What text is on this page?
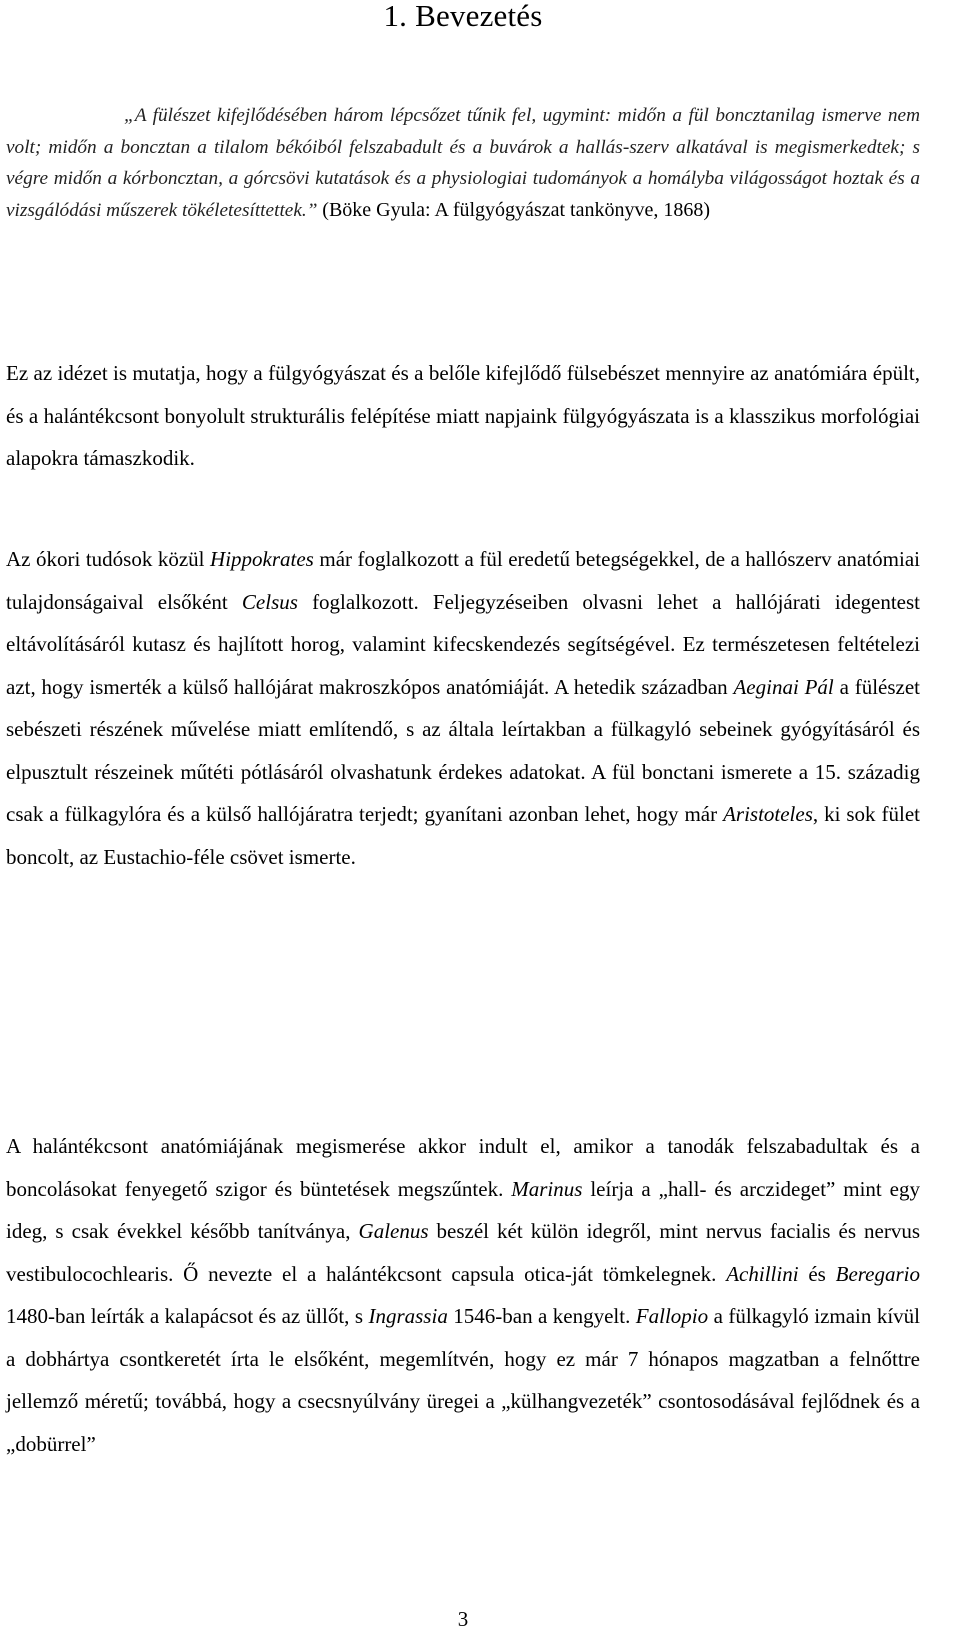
1. Bevezetés

„A fülészet kifejlődésében három lépcsőzet tűnik fel, ugymint: midőn a fül boncztanilag ismerve nem volt; midőn a boncztan a tilalom békóiból felszabadult és a buvárok a hallás-szerv alkatával is megismerkedtek; s végre midőn a kórboncztan, a górcsövi kutatások és a physiologiai tudományok a homályba világosságot hoztak és a vizsgálódási műszerek tökéletesíttettek.” (Böke Gyula: A fülgyógyászat tankönyve, 1868)

Ez az idézet is mutatja, hogy a fülgyógyászat és a belőle kifejlődő fülsebészet mennyire az anatómiára épült, és a halántékcsont bonyolult strukturális felépítése miatt napjaink fülgyógyászata is a klasszikus morfológiai alapokra támaszkodik.

Az ókori tudósok közül Hippokrates már foglalkozott a fül eredetű betegségekkel, de a hallószerv anatómiai tulajdonságaival elsőként Celsus foglalkozott. Feljegyzéseiben olvasni lehet a hallójárati idegentest eltávolításáról kutasz és hajlított horog, valamint kifecskendezés segítségével. Ez természetesen feltételezi azt, hogy ismerték a külső hallójárat makroszkópos anatómiáját. A hetedik században Aeginai Pál a fülészet sebészeti részének művelése miatt említendő, s az általa leírtakban a fülkagyló sebeinek gyógyításáról és elpusztult részeinek műtéti pótlásáról olvashatunk érdekes adatokat. A fül bonctani ismerete a 15. századig csak a fülkagylóra és a külső hallójáratra terjedt; gyanítani azonban lehet, hogy már Aristoteles, ki sok fület boncolt, az Eustachio-féle csövet ismerte.

A halántékcsont anatómiájának megismerése akkor indult el, amikor a tanodák felszabadultak és a boncolásokat fenyegető szigor és büntetések megszűntek. Marinus leírja a „hall- és arczideget” mint egy ideg, s csak évekkel később tanítványa, Galenus beszél két külön idegről, mint nervus facialis és nervus vestibulocochlearis. Ő nevezte el a halántékcsont capsula otica-ját tömkelegnek. Achillini és Beregario 1480-ban leírták a kalapácsot és az üllőt, s Ingrassia 1546-ban a kengyelt. Fallopio a fülkagyló izmain kívül a dobhártya csontkeretét írta le elsőként, megemlítvén, hogy ez már 7 hónapos magzatban a felnőttre jellemző méretű; továbbá, hogy a csecsnyúlvány üregei a „külhangvezeték” csontosodásával fejlődnek és a „dobürrel”

3
